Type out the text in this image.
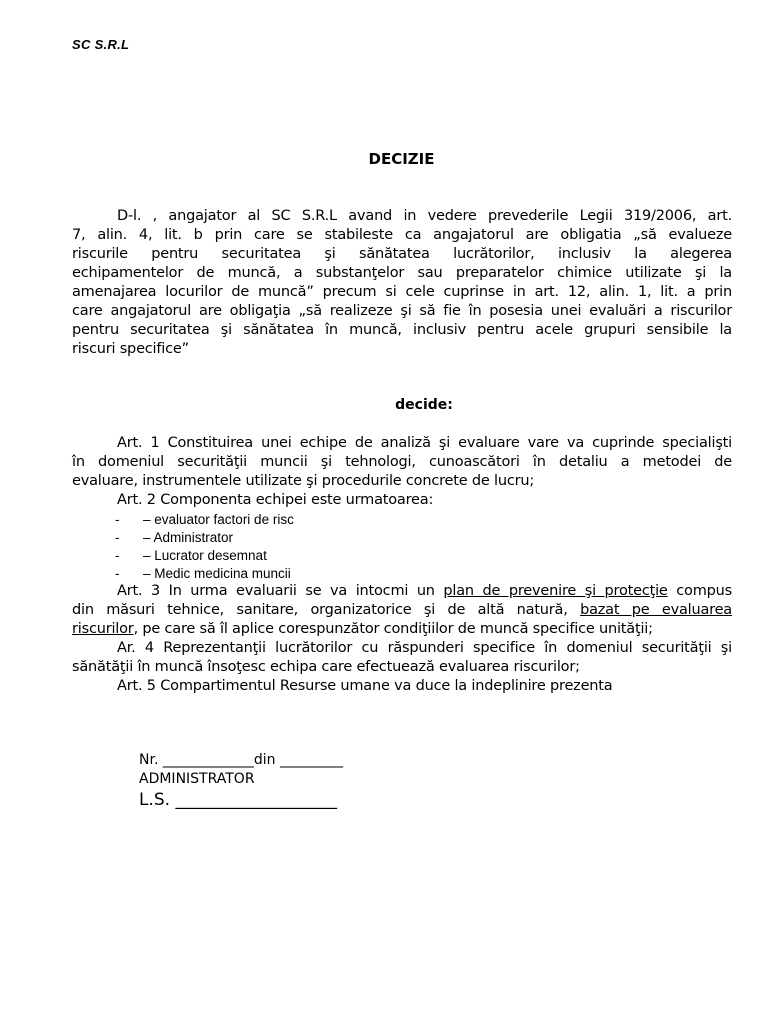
SC S.R.L
DECIZIE
D-l. , angajator al SC S.R.L avand in vedere prevederile Legii 319/2006, art.
7, alin. 4, lit. b prin care se stabileste ca angajatorul are obligatia „să evalueze
riscurile pentru securitatea şi sănătatea lucrătorilor, inclusiv la alegerea
echipamentelor de muncă, a substanţelor sau preparatelor chimice utilizate şi la
amenajarea locurilor de muncă” precum si cele cuprinse in art. 12, alin. 1, lit. a prin
care angajatorul are obligaţia „să realizeze şi să fie în posesia unei evaluări a riscurilor
pentru securitatea şi sănătatea în muncă, inclusiv pentru acele grupuri sensibile la
riscuri specifice”
decide:
Art. 1 Constituirea unei echipe de analiză şi evaluare vare va cuprinde specialişti
în domeniul securităţii muncii şi tehnologi, cunoascători în detaliu a metodei de
evaluare, instrumentele utilizate şi procedurile concrete de lucru;
Art. 2 Componenta echipei este urmatoarea:
-	– evaluator factori de risc
-	– Administrator
-	– Lucrator desemnat
-	– Medic medicina muncii
Art. 3 In urma evaluarii se va intocmi un plan de prevenire şi protecţie compus
din măsuri tehnice, sanitare, organizatorice şi de altă natură, bazat pe evaluarea
riscurilor, pe care să îl aplice corespunzător condiţiilor de muncă specifice unităţii;
Ar. 4 Reprezentanţii lucrătorilor cu răspunderi specifice în domeniul securităţii şi
sănătăţii în muncă însoţesc echipa care efectuează evaluarea riscurilor;
Art. 5 Compartimentul Resurse umane va duce la indeplinire prezenta
Nr. _____________din _________
ADMINISTRATOR
L.S. ___________________
